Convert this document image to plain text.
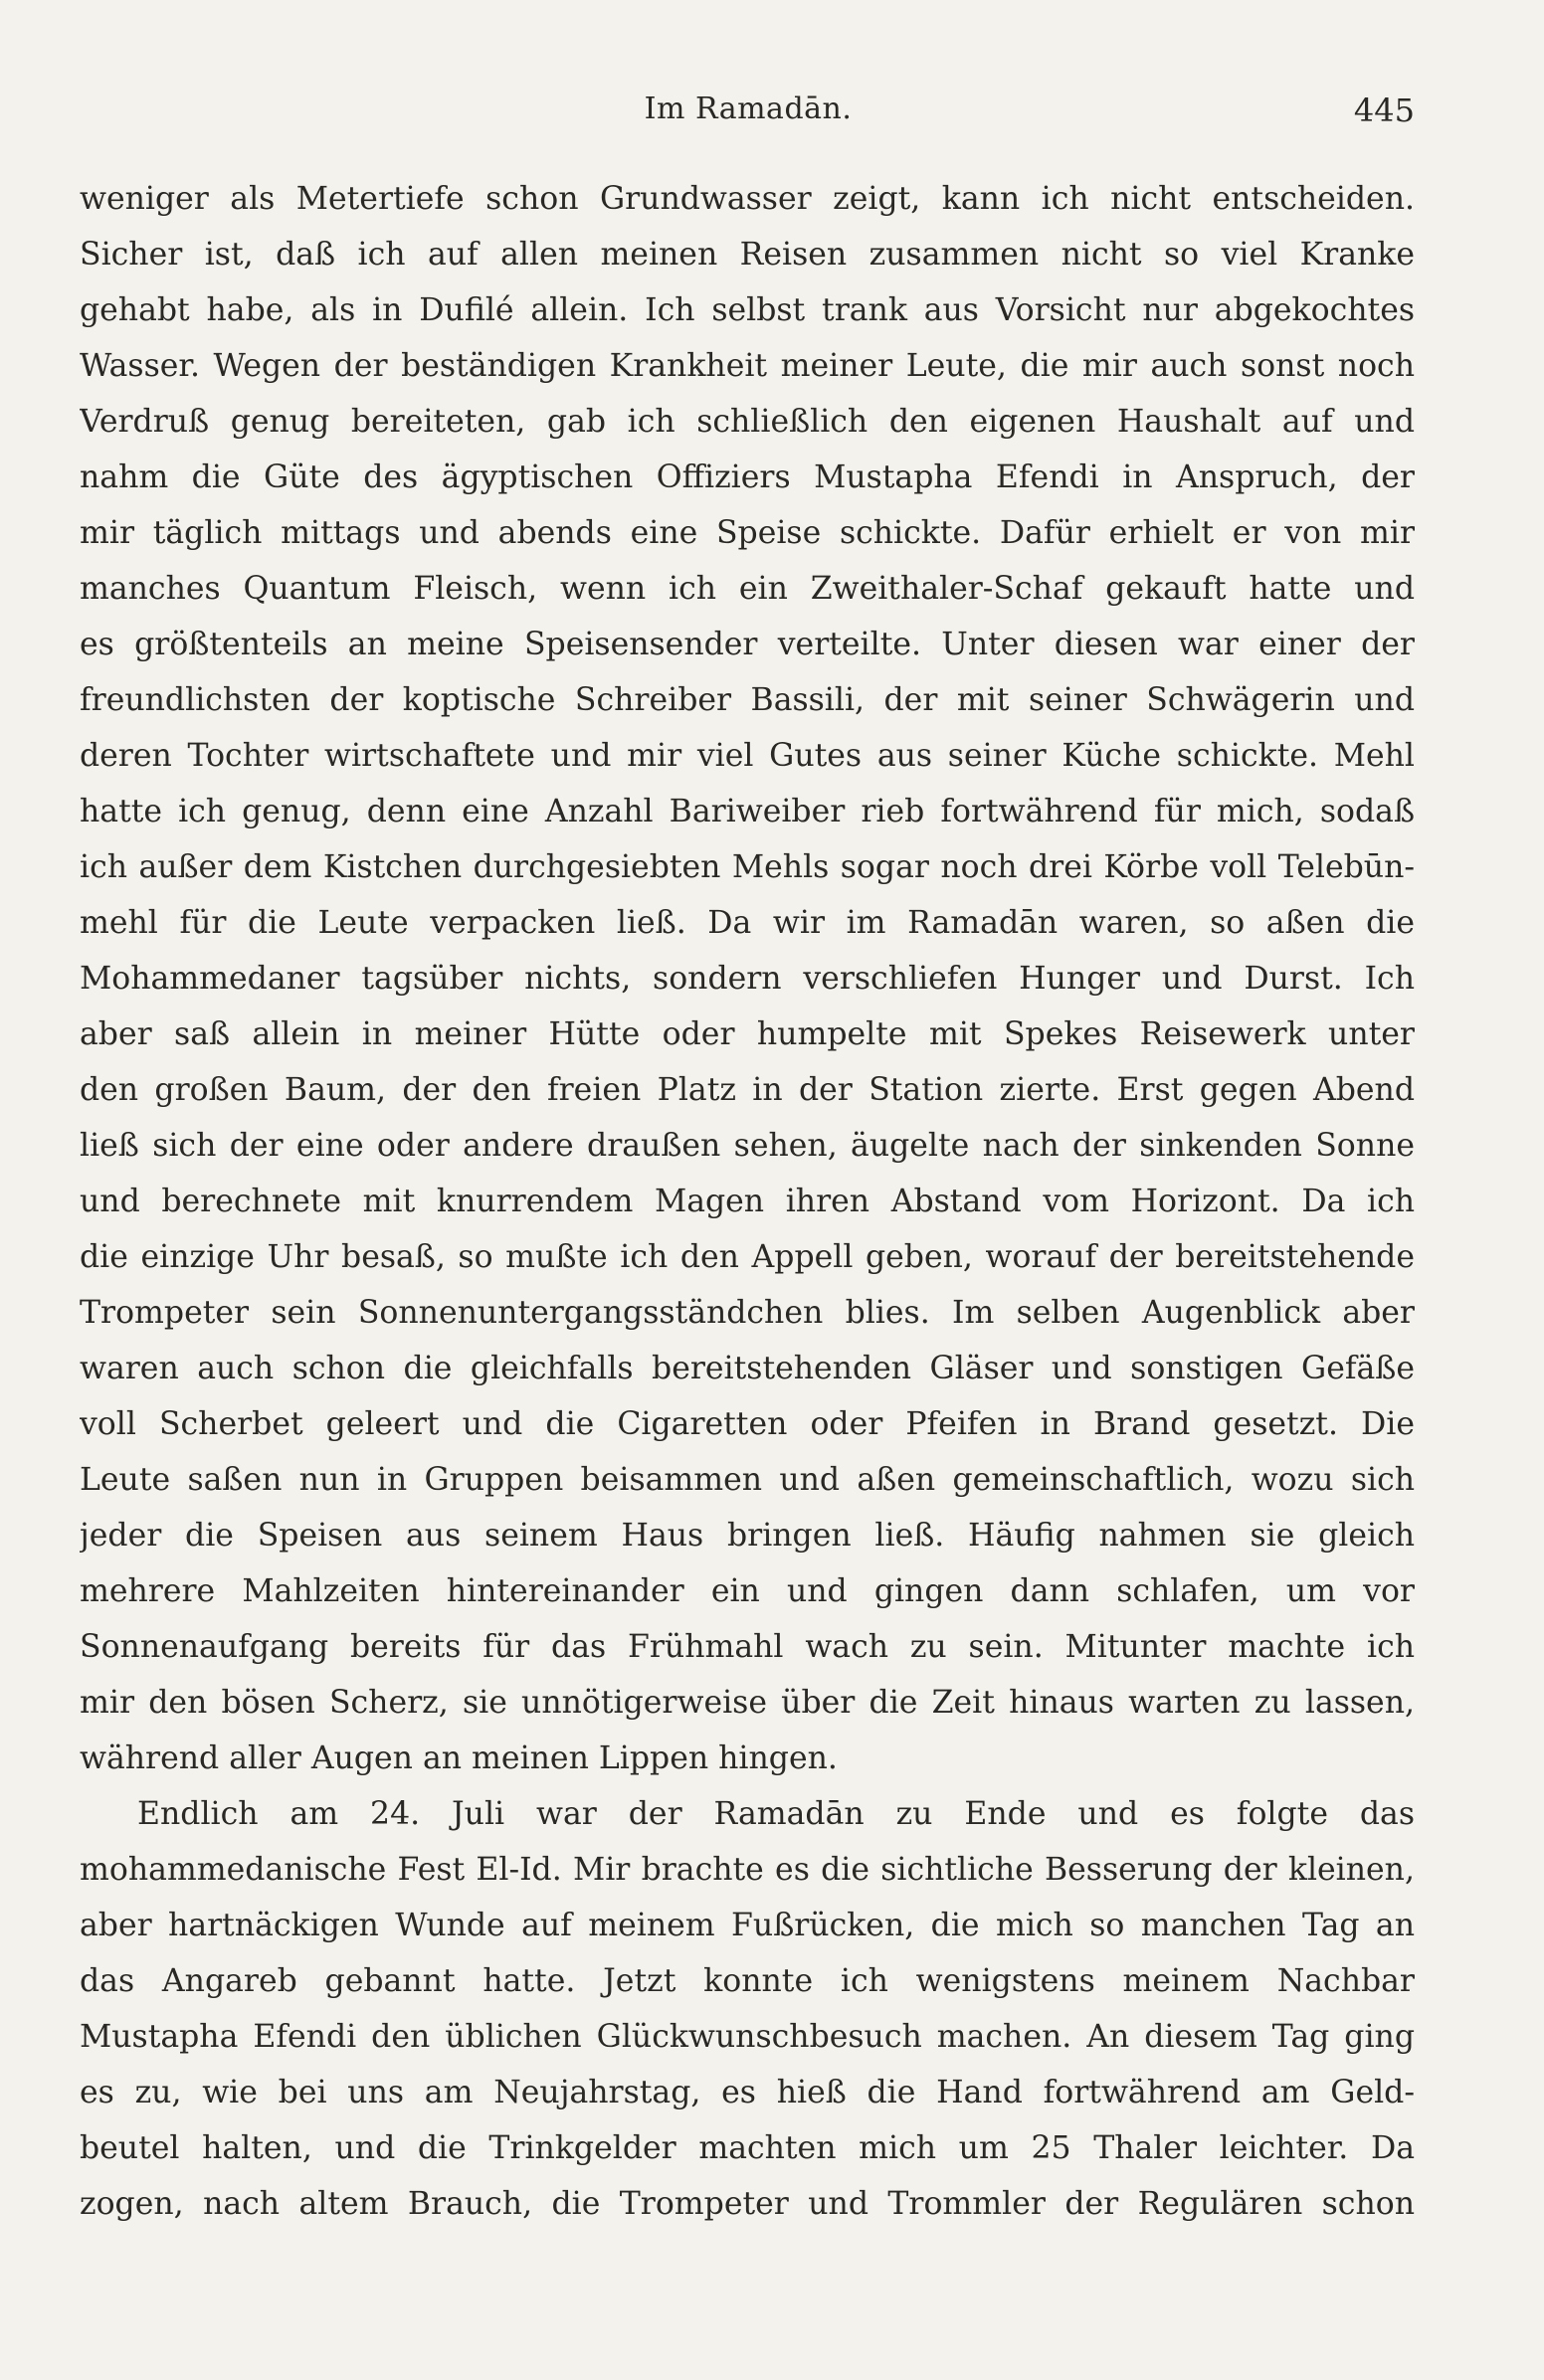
Im Ramadān.	445
weniger als Metertiefe schon Grundwasser zeigt, kann ich nicht entscheiden.
Sicher ist, daß ich auf allen meinen Reisen zusammen nicht so viel Kranke
gehabt habe, als in Dufilé allein. Ich selbst trank aus Vorsicht nur abgekochtes
Wasser. Wegen der beständigen Krankheit meiner Leute, die mir auch sonst noch
Verdruß genug bereiteten, gab ich schließlich den eigenen Haushalt auf und
nahm die Güte des ägyptischen Offiziers Mustapha Efendi in Anspruch, der
mir täglich mittags und abends eine Speise schickte. Dafür erhielt er von mir
manches Quantum Fleisch, wenn ich ein Zweithaler-Schaf gekauft hatte und
es größtenteils an meine Speisensender verteilte. Unter diesen war einer der
freundlichsten der koptische Schreiber Bassili, der mit seiner Schwägerin und
deren Tochter wirtschaftete und mir viel Gutes aus seiner Küche schickte. Mehl
hatte ich genug, denn eine Anzahl Bariweiber rieb fortwährend für mich, sodaß
ich außer dem Kistchen durchgesiebten Mehls sogar noch drei Körbe voll Telebūn-
mehl für die Leute verpacken ließ. Da wir im Ramadān waren, so aßen die
Mohammedaner tagsüber nichts, sondern verschliefen Hunger und Durst. Ich
aber saß allein in meiner Hütte oder humpelte mit Spekes Reisewerk unter
den großen Baum, der den freien Platz in der Station zierte. Erst gegen Abend
ließ sich der eine oder andere draußen sehen, äugelte nach der sinkenden Sonne
und berechnete mit knurrendem Magen ihren Abstand vom Horizont. Da ich
die einzige Uhr besaß, so mußte ich den Appell geben, worauf der bereitstehende
Trompeter sein Sonnenuntergangsständchen blies. Im selben Augenblick aber
waren auch schon die gleichfalls bereitstehenden Gläser und sonstigen Gefäße
voll Scherbet geleert und die Cigaretten oder Pfeifen in Brand gesetzt. Die
Leute saßen nun in Gruppen beisammen und aßen gemeinschaftlich, wozu sich
jeder die Speisen aus seinem Haus bringen ließ. Häufig nahmen sie gleich
mehrere Mahlzeiten hintereinander ein und gingen dann schlafen, um vor
Sonnenaufgang bereits für das Frühmahl wach zu sein. Mitunter machte ich
mir den bösen Scherz, sie unnötigerweise über die Zeit hinaus warten zu lassen,
während aller Augen an meinen Lippen hingen.
Endlich am 24. Juli war der Ramadān zu Ende und es folgte das
mohammedanische Fest El-Id. Mir brachte es die sichtliche Besserung der kleinen,
aber hartnäckigen Wunde auf meinem Fußrücken, die mich so manchen Tag an
das Angareb gebannt hatte. Jetzt konnte ich wenigstens meinem Nachbar
Mustapha Efendi den üblichen Glückwunschbesuch machen. An diesem Tag ging
es zu, wie bei uns am Neujahrstag, es hieß die Hand fortwährend am Geld-
beutel halten, und die Trinkgelder machten mich um 25 Thaler leichter. Da
zogen, nach altem Brauch, die Trompeter und Trommler der Regulären schon
